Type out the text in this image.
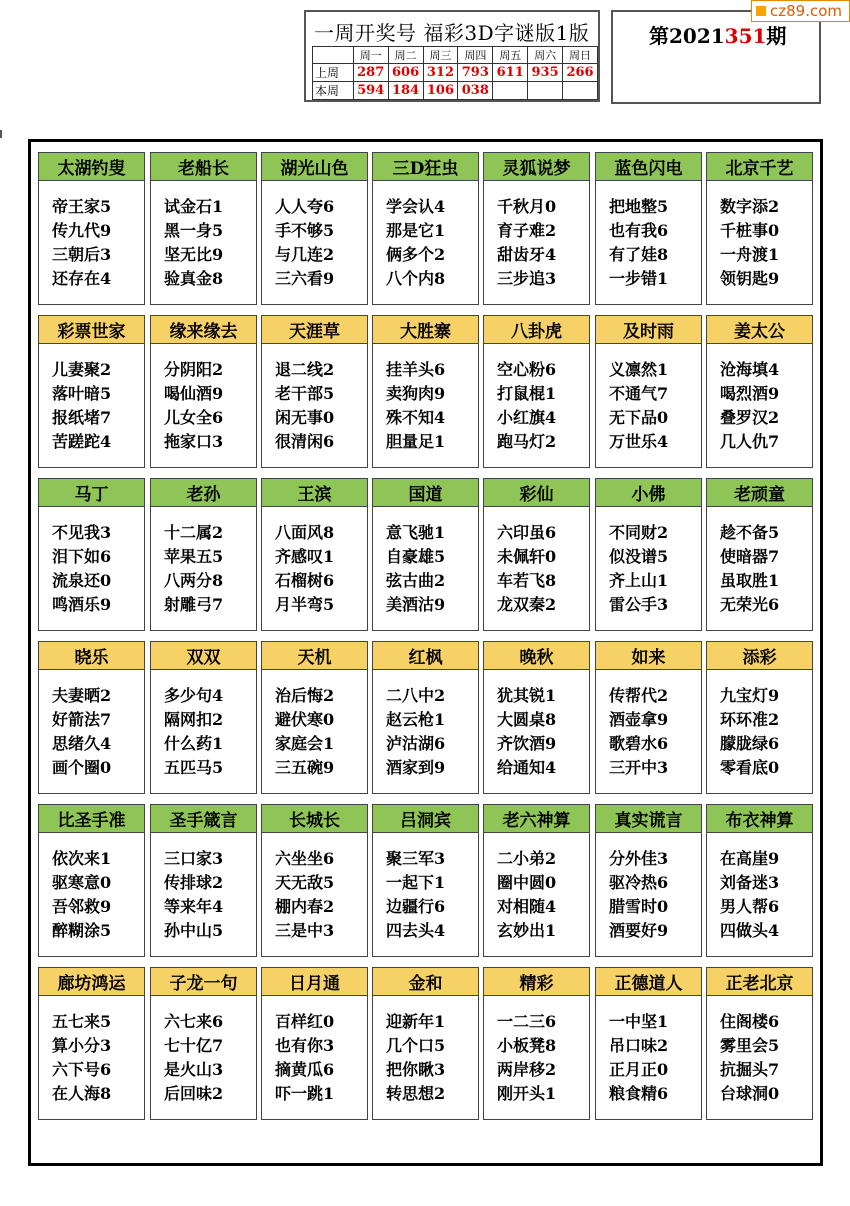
一周开奖号 福彩3D字谜版1版
	周一	周二	周三	周四	周五	周六	周日
上周	287	606	312	793	611	935	266
本周	594	184	106	038			
第2021351期
cz89.com
太湖钓叟
帝王家5
传九代9
三朝后3
还存在4
老船长
试金石1
黑一身5
坚无比9
验真金8
湖光山色
人人夸6
手不够5
与几连2
三六看9
三D狂虫
学会认4
那是它1
俩多个2
八个内8
灵狐说梦
千秋月0
育子难2
甜齿牙4
三步追3
蓝色闪电
把地整5
也有我6
有了娃8
一步错1
北京千艺
数字添2
千桩事0
一舟渡1
领钥匙9
彩票世家
儿妻聚2
落叶暗5
报纸堵7
苦蹉跎4
缘来缘去
分阴阳2
喝仙酒9
儿女全6
拖家口3
天涯草
退二线2
老干部5
闲无事0
很清闲6
大胜寨
挂羊头6
卖狗肉9
殊不知4
胆量足1
八卦虎
空心粉6
打鼠棍1
小红旗4
跑马灯2
及时雨
义凛然1
不通气7
无下品0
万世乐4
姜太公
沧海填4
喝烈酒9
叠罗汉2
几人仇7
马丁
不见我3
泪下如6
流泉还0
鸣酒乐9
老孙
十二属2
苹果五5
八两分8
射雕弓7
王滨
八面风8
齐感叹1
石榴树6
月半弯5
国道
意飞驰1
自豪雄5
弦古曲2
美酒沽9
彩仙
六印虽6
未佩轩0
车若飞8
龙双秦2
小佛
不同财2
似没谱5
齐上山1
雷公手3
老顽童
趁不备5
使暗器7
虽取胜1
无荣光6
晓乐
夫妻晒2
好箭法7
思绪久4
画个圈0
双双
多少句4
隔网扣2
什么药1
五匹马5
天机
治后悔2
避伏寒0
家庭会1
三五碗9
红枫
二八中2
赵云枪1
泸沽湖6
酒家到9
晚秋
犹其锐1
大圆桌8
齐饮酒9
给通知4
如来
传帮代2
酒壶拿9
歌碧水6
三开中3
添彩
九宝灯9
环环准2
朦胧绿6
零看底0
比圣手准
依次来1
驱寒意0
吾邻救9
醉糊涂5
圣手箴言
三口家3
传排球2
等来年4
孙中山5
长城长
六坐坐6
天无敌5
棚内春2
三是中3
吕洞宾
聚三军3
一起下1
边疆行6
四去头4
老六神算
二小弟2
圈中圆0
对相随4
玄妙出1
真实谎言
分外佳3
驱冷热6
腊雪时0
酒要好9
布衣神算
在高崖9
刘备迷3
男人帮6
四做头4
廊坊鸿运
五七来5
算小分3
六下号6
在人海8
子龙一句
六七来6
七十亿7
是火山3
后回味2
日月通
百样红0
也有你3
摘黄瓜6
吓一跳1
金和
迎新年1
几个口5
把你瞅3
转思想2
精彩
一二三6
小板凳8
两岸移2
刚开头1
正德道人
一中坚1
吊口味2
正月正0
粮食精6
正老北京
住阁楼6
雾里会5
抗掘头7
台球洞0
